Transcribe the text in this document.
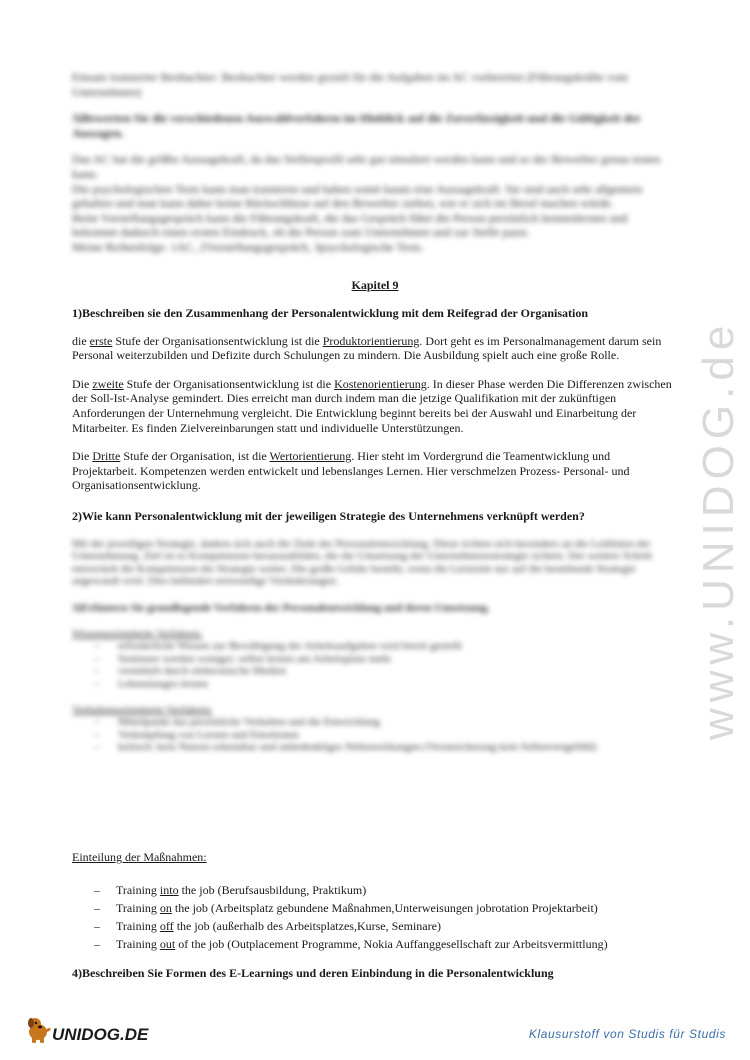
Einsatz trainierter Beobachter: Beobachter werden gezielt für die Aufgaben im AC vorbereitet (Führungskräfte vom

Unternehmen)

3)Bewerten Sie die verschiedenen Auswahlverfahren im Hinblick auf die Zuverlässigkeit und die Gültigkeit der Aussagen.

Das AC hat die größte Aussagekraft, da das Stellenprofil sehr gut simuliert werden kann und so der Bewerber genau testen kann.

Die psychologischen Tests kann man trainieren und haben somit kaum eine Aussagekraft. Sie sind auch sehr allgemein gehalten und man kann daher keine Rückschlüsse auf den Bewerber ziehen, wie er sich im Beruf machen würde.

Beim Vorstellungsgespräch kann die Führungskraft, die das Gespräch führt die Person persönlich kennenlernen und bekommt dadurch einen ersten Eindruck, ob die Person zum Unternehmen und zur Stelle passt.

Meine Reihenfolge: 1AC, 2Vorstellungsgespräch, 3psychologische Tests.

Kapitel 9

1)Beschreiben sie den Zusammenhang der Personalentwicklung mit dem Reifegrad der Organisation

die erste Stufe der Organisationsentwicklung ist die Produktorientierung. Dort geht es im Personalmanagement darum sein Personal weiterzubilden und Defizite durch Schulungen zu mindern. Die Ausbildung spielt auch eine große Rolle.

Die zweite Stufe der Organisationsentwicklung ist die Kostenorientierung. In dieser Phase werden Die Differenzen zwischen der Soll-Ist-Analyse gemindert. Dies erreicht man durch indem man die jetzige Qualifikation mit der zukünftigen Anforderungen der Unternehmung vergleicht. Die Entwicklung beginnt bereits bei der Auswahl und Einarbeitung der Mitarbeiter. Es finden Zielvereinbarungen statt und individuelle Unterstützungen.

Die Dritte Stufe der Organisation, ist die Wertorientierung. Hier steht im Vordergrund die Teamentwicklung und Projektarbeit. Kompetenzen werden entwickelt und lebenslanges Lernen. Hier verschmelzen Prozess- Personal- und Organisationsentwicklung.

2)Wie kann Personalentwicklung mit der jeweiligen Strategie des Unternehmens verknüpft werden?

Mit der jeweiligen Strategie, ändern sich auch die Ziele der Personalentwicklung. Diese richten sich besonders an die Leitlinien der Unternehmung. Ziel ist es Kompetenzen herauszubilden, die die Umsetzung der Unternehmensstrategie sichern. Der weitere Schritt entwickelt die Kompetenzen die Strategie weiter. Die große Gefahr besteht, wenn die Lernziele nur auf die bestehende Strategie angewandt wird. Dies behindert notwendige Veränderungen.

3)Erläutern Sie grundlegende Verfahren der Personalentwicklung und deren Umsetzung.

Wissensorientierte Verfahren:

– erforderliche Wissen zur Bewältigung der Arbeitsaufgaben wird bereit gestellt
– Seminare werden weniger; selbst lernen am Arbeitsplatz mehr
– vermittelt durch elektronische Medien
– Lebenslanges lernen

Verhaltensorientierte Verfahren:

– Mittelpunkt das persönliche Verhalten und die Entwicklung
– Verknüpfung von Lernen und Emotionen
– kritisch: kein Nutzen erkennbar und unbedenkliges Nebenwirkungen (Verunsicherung kein Selbstvertgefühl)

Einteilung der Maßnahmen:

– Training into the job (Berufsausbildung, Praktikum)
– Training on the job (Arbeitsplatz gebundene Maßnahmen,Unterweisungen jobrotation Projektarbeit)
– Training off the job (außerhalb des Arbeitsplatzes,Kurse, Seminare)
– Training out of the job (Outplacement Programme, Nokia Auffanggesellschaft zur Arbeitsvermittlung)
4)Beschreiben Sie Formen des E-Learnings und deren Einbindung in die Personalentwicklung
www.UNIDOG.de
UNIDOG.DE	Klausurstoff von Studis für Studis
